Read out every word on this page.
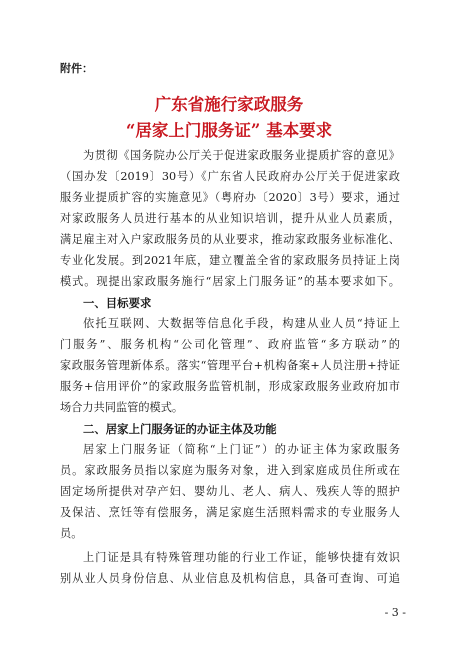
附件：
广东省施行家政服务
“居家上门服务证” 基本要求
为贯彻《国务院办公厅关于促进家政服务业提质扩容的意见》
（国办发〔2019〕30号）《广东省人民政府办公厅关于促进家政
服务业提质扩容的实施意见》（粤府办〔2020〕3号）要求，通过
对家政服务人员进行基本的从业知识培训，提升从业人员素质，
满足雇主对入户家政服务员的从业要求，推动家政服务业标准化、
专业化发展。到2021年底，建立覆盖全省的家政服务员持证上岗
模式。现提出家政服务施行“居家上门服务证”的基本要求如下。
一、目标要求
依托互联网、大数据等信息化手段，构建从业人员“持证上
门服务”、服务机构“公司化管理”、政府监管“多方联动”的
家政服务管理新体系。落实“管理平台+机构备案+人员注册+持证
服务+信用评价”的家政服务监管机制，形成家政服务业政府加市
场合力共同监管的模式。
二、居家上门服务证的办证主体及功能
居家上门服务证（简称“上门证”）的办证主体为家政服务
员。家政服务员指以家庭为服务对象，进入到家庭成员住所或在
固定场所提供对孕产妇、婴幼儿、老人、病人、残疾人等的照护
及保洁、烹饪等有偿服务，满足家庭生活照料需求的专业服务人
员。
上门证是具有特殊管理功能的行业工作证，能够快捷有效识
别从业人员身份信息、从业信息及机构信息，具备可查询、可追
- 3 -
